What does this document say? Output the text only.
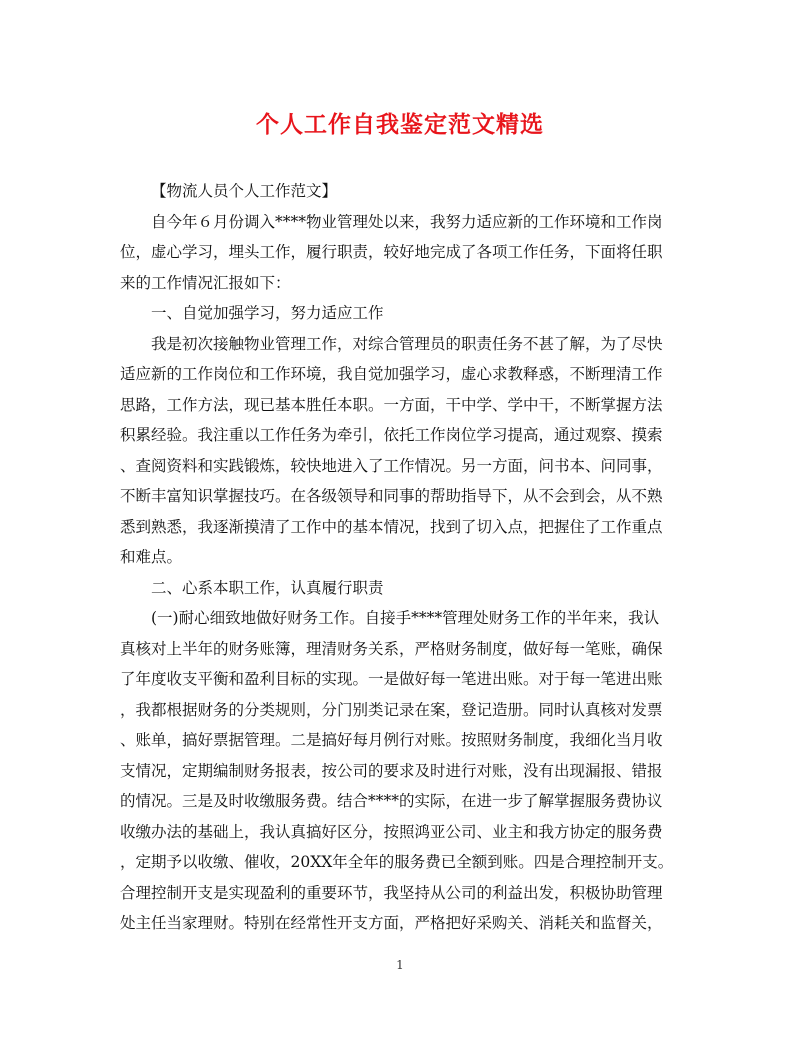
个人工作自我鉴定范文精选
【物流人员个人工作范文】
自今年６月份调入****物业管理处以来，我努力适应新的工作环境和工作岗
位，虚心学习，埋头工作，履行职责，较好地完成了各项工作任务，下面将任职
来的工作情况汇报如下：
一、自觉加强学习，努力适应工作
我是初次接触物业管理工作，对综合管理员的职责任务不甚了解，为了尽快
适应新的工作岗位和工作环境，我自觉加强学习，虚心求教释惑，不断理清工作
思路，工作方法，现已基本胜任本职。一方面，干中学、学中干，不断掌握方法
积累经验。我注重以工作任务为牵引，依托工作岗位学习提高，通过观察、摸索
、查阅资料和实践锻炼，较快地进入了工作情况。另一方面，问书本、问同事，
不断丰富知识掌握技巧。在各级领导和同事的帮助指导下，从不会到会，从不熟
悉到熟悉，我逐渐摸清了工作中的基本情况，找到了切入点，把握住了工作重点
和难点。
二、心系本职工作，认真履行职责
(一)耐心细致地做好财务工作。自接手****管理处财务工作的半年来，我认
真核对上半年的财务账簿，理清财务关系，严格财务制度，做好每一笔账，确保
了年度收支平衡和盈利目标的实现。一是做好每一笔进出账。对于每一笔进出账
，我都根据财务的分类规则，分门别类记录在案，登记造册。同时认真核对发票
、账单，搞好票据管理。二是搞好每月例行对账。按照财务制度，我细化当月收
支情况，定期编制财务报表，按公司的要求及时进行对账，没有出现漏报、错报
的情况。三是及时收缴服务费。结合****的实际，在进一步了解掌握服务费协议
收缴办法的基础上，我认真搞好区分，按照鸿亚公司、业主和我方协定的服务费
，定期予以收缴、催收，20XX年全年的服务费已全额到账。四是合理控制开支。
合理控制开支是实现盈利的重要环节，我坚持从公司的利益出发，积极协助管理
处主任当家理财。特别在经常性开支方面，严格把好采购关、消耗关和监督关，
1
